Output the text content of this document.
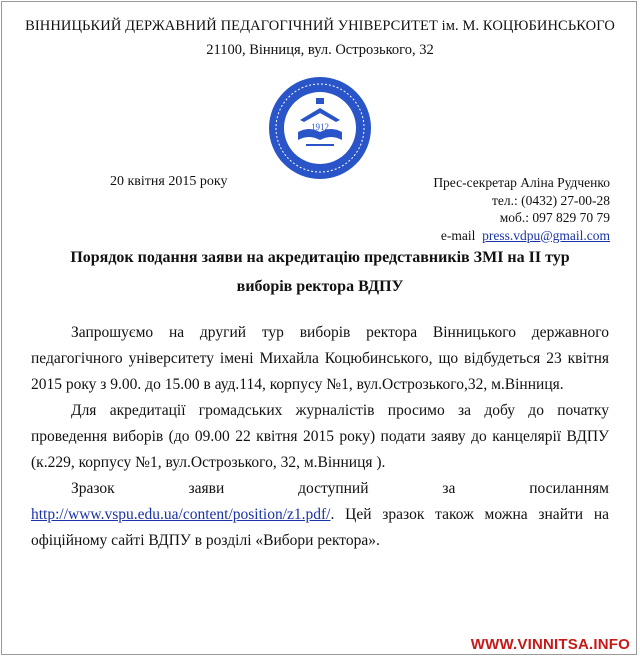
ВІННИЦЬКИЙ ДЕРЖАВНИЙ ПЕДАГОГІЧНИЙ УНІВЕРСИТЕТ ім. М. КОЦЮБИНСЬКОГО
21100, Вінниця, вул. Острозького, 32
1912
20 квітня 2015 року	Прес-секретар Аліна Рудченко
тел.: (0432) 27-00-28
моб.: 097 829 70 79
e-mail press.vdpu@gmail.com
Порядок подання заяви на акредитацію представників ЗМІ на ІІ тур
виборів ректора ВДПУ

Запрошуємо на другий тур виборів ректора Вінницького державного педагогічного університету імені Михайла Коцюбинського, що відбудеться 23 квітня 2015 року з 9.00. до 15.00 в ауд.114, корпусу №1, вул.Острозького,32, м.Вінниця.

Для акредитації громадських журналістів просимо за добу до початку проведення виборів (до 09.00 22 квітня 2015 року) подати заяву до канцелярії ВДПУ (к.229, корпусу №1, вул.Острозького, 32, м.Вінниця ).

Зразок	заяви	доступний	за	посиланням
http://www.vspu.edu.ua/content/position/z1.pdf/. Цей зразок також можна знайти на офіційному сайті ВДПУ в розділі «Вибори ректора».
WWW.VINNITSA.INFO
